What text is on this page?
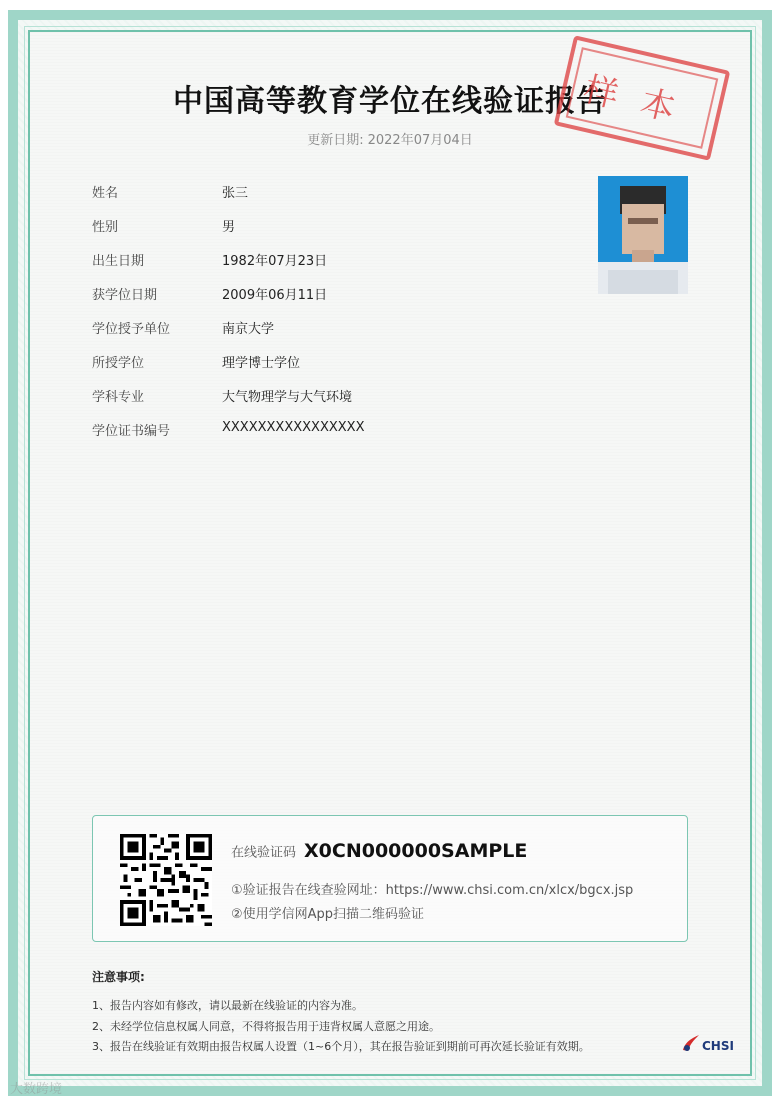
中国高等教育学位在线验证报告
更新日期: 2022年07月04日
样本
姓名	张三
性别	男
出生日期	1982年07月23日
获学位日期	2009年06月11日
学位授予单位	南京大学
所授学位	理学博士学位
学科专业	大气物理学与大气环境
学位证书编号	XXXXXXXXXXXXXXXX
在线验证码 X0CN000000SAMPLE
①验证报告在线查验网址：https://www.chsi.com.cn/xlcx/bgcx.jsp
②使用学信网App扫描二维码验证
注意事项:
1、报告内容如有修改，请以最新在线验证的内容为准。
2、未经学位信息权属人同意，不得将报告用于违背权属人意愿之用途。
3、报告在线验证有效期由报告权属人设置（1~6个月），其在报告验证到期前可再次延长验证有效期。	CHSI
大数跨境
